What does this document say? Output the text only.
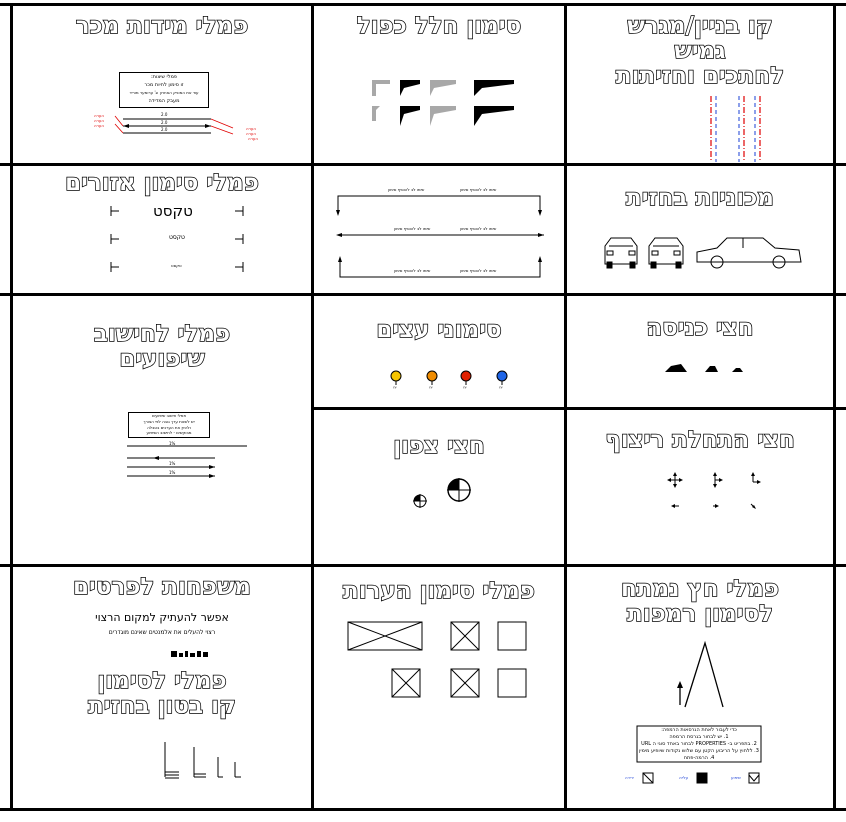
פמלי מידות מכר
פמלי שיצות:
זו סימון לחיות מכר
עוד את המוניק האחרון וג' ערומער מוריד
מעבק המדידה
הערה
הערה
הערה
הערה
הערה
הערה
2.0
2.0
2.0
סימון חלל כפול	קו בניין/מגרש
גמיש
לחתכים וחזיתות
פמלי סימון אזורים
טקסט
טקסט
טקסט
שימו לב להוסיף סימון	שימו לב להוסיף סימון
שימו לב להוסיף סימון	שימו לב להוסיף סימון
שימו לב להוסיף סימון	שימו לב להוסיף סימון
מכוניות בחזית
פמלי לחישוב
שיפועים
פמלי חישוב שיפועים
יש לשנות ערך גובה לפי הצורך
ולהזין את הערכים בטבלה
מבוקשים - לחישוב השיפוע
1%
1%
1%
סימוני עצים
עץ	עץ	עץ	עץ
חצי כניסה
חצי צפון	חצי התחלת ריצוף
משפחות לפרטים
אפשר להעתיק למקום הרצוי
רצוי להעלים את אלמנטים שאינם מוגדרים
פמלי לסימון
קו בטון בחזית
פמלי סימון הערות	פמלי חץ נמתח
לסימון רמפות
כדי לעבור לאחת הגרסאות הרמפה:
1. יש לבחור בגרסת הרמפה
2. בתפריט ב- PROPERTIES לבחור באחד סוגי ה URL
3. ללחוץ על הריבוע הקטן עם שלוש נקודות שיופיע מימין
4. הרמה-פתח
ירידה	עלייה	שיפוע
